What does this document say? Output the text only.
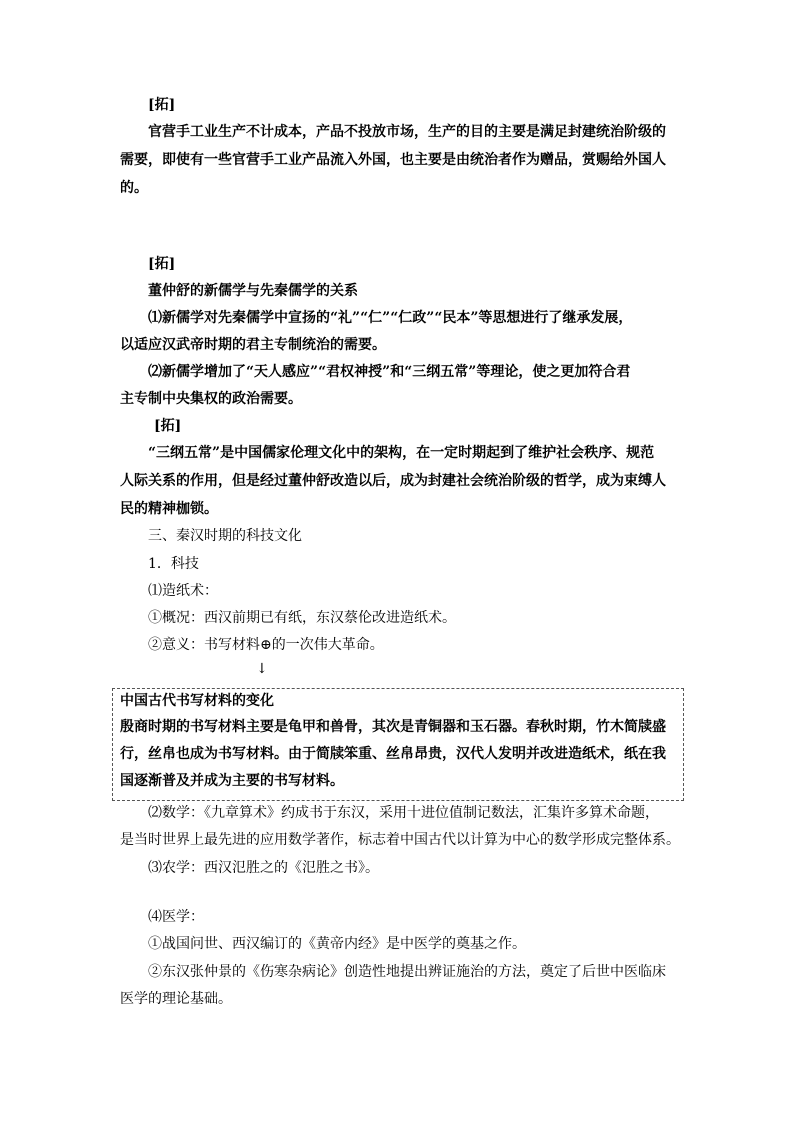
[拓]
官营手工业生产不计成本，产品不投放市场，生产的目的主要是满足封建统治阶级的
需要，即使有一些官营手工业产品流入外国，也主要是由统治者作为赠品，赏赐给外国人
的。
[拓]
董仲舒的新儒学与先秦儒学的关系
⑴新儒学对先秦儒学中宣扬的“礼”“仁”“仁政”“民本”等思想进行了继承发展，
以适应汉武帝时期的君主专制统治的需要。
⑵新儒学增加了“天人感应”“君权神授”和“三纲五常”等理论，使之更加符合君
主专制中央集权的政治需要。
[拓]
“三纲五常”是中国儒家伦理文化中的架构，在一定时期起到了维护社会秩序、规范
人际关系的作用，但是经过董仲舒改造以后，成为封建社会统治阶级的哲学，成为束缚人
民的精神枷锁。
三、秦汉时期的科技文化
1．科技
⑴造纸术：
①概况：西汉前期已有纸，东汉蔡伦改进造纸术。
②意义：书写材料⊕的一次伟大革命。
↓
中国古代书写材料的变化
殷商时期的书写材料主要是龟甲和兽骨，其次是青铜器和玉石器。春秋时期，竹木简牍盛
行，丝帛也成为书写材料。由于简牍笨重、丝帛昂贵，汉代人发明并改进造纸术，纸在我
国逐渐普及并成为主要的书写材料。
⑵数学：《九章算术》约成书于东汉，采用十进位值制记数法，汇集许多算术命题，
是当时世界上最先进的应用数学著作，标志着中国古代以计算为中心的数学形成完整体系。
⑶农学：西汉氾胜之的《氾胜之书》。
⑷医学：
①战国问世、西汉编订的《黄帝内经》是中医学的奠基之作。
②东汉张仲景的《伤寒杂病论》创造性地提出辨证施治的方法，奠定了后世中医临床
医学的理论基础。
